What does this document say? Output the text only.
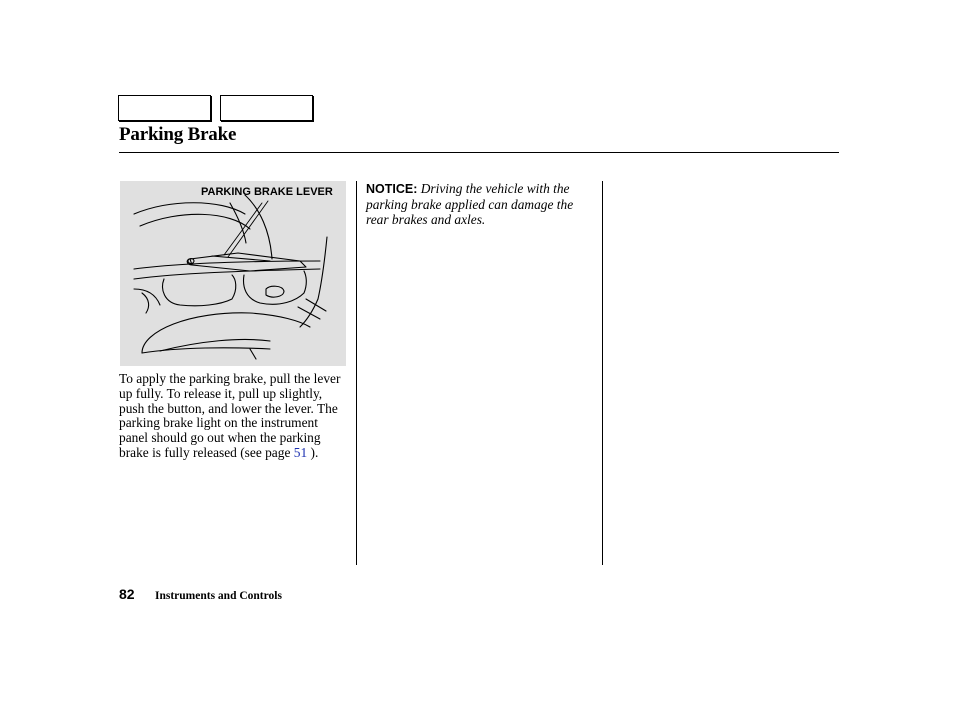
Parking Brake
PARKING BRAKE LEVER
To apply the parking brake, pull the lever up fully. To release it, pull up slightly, push the button, and lower the lever. The parking brake light on the instrument panel should go out when the parking brake is fully released (see page 51 ).
NOTICE: Driving the vehicle with the parking brake applied can damage the rear brakes and axles.
82 Instruments and Controls
